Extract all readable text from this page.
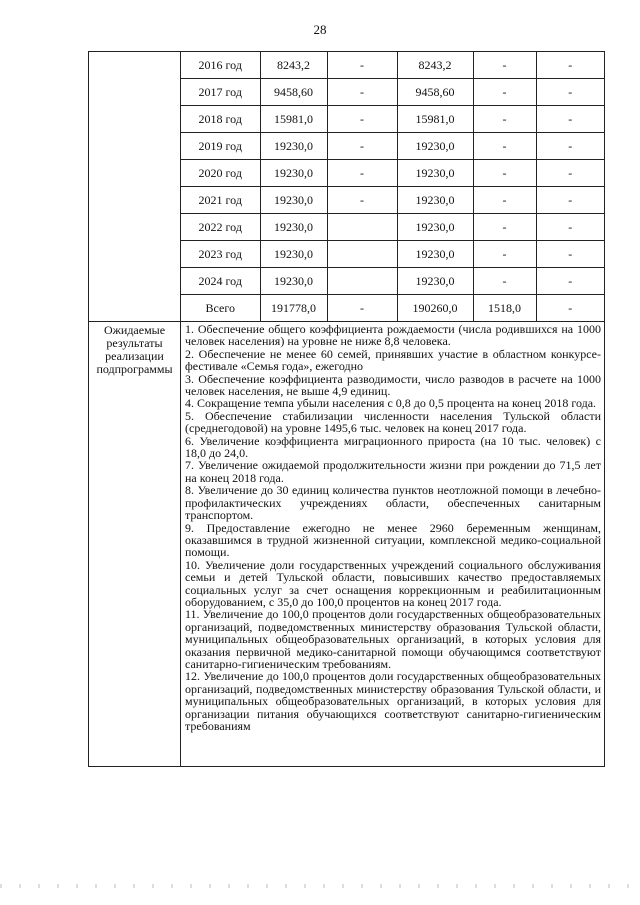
28

2016 год	8243,2	-	8243,2	-	-
2017 год	9458,60	-	9458,60	-	-
2018 год	15981,0	-	15981,0	-	-
2019 год	19230,0	-	19230,0	-	-
2020 год	19230,0	-	19230,0	-	-
2021 год	19230,0	-	19230,0	-	-
2022 год	19230,0		19230,0	-	-
2023 год	19230,0		19230,0	-	-
2024 год	19230,0		19230,0	-	-
Всего	191778,0	-	190260,0	1518,0	-

Ожидаемые результаты реализации подпрограммы	

1. Обеспечение общего коэффициента рождаемости (числа родившихся на 1000 человек населения) на уровне не ниже 8,8 человека.

2. Обеспечение не менее 60 семей, принявших участие в областном конкурсе-фестивале «Семья года», ежегодно

3. Обеспечение коэффициента разводимости, число разводов в расчете на 1000 человек населения, не выше 4,9 единиц.

4. Сокращение темпа убыли населения с 0,8 до 0,5 процента на конец 2018 года.

5. Обеспечение стабилизации численности населения Тульской области (среднегодовой) на уровне 1495,6 тыс. человек на конец 2017 года.

6. Увеличение коэффициента миграционного прироста (на 10 тыс. человек) с 18,0 до 24,0.

7. Увеличение ожидаемой продолжительности жизни при рождении до 71,5 лет на конец 2018 года.

8. Увеличение до 30 единиц количества пунктов неотложной помощи в лечебно-профилактических учреждениях области, обеспеченных санитарным транспортом.

9. Предоставление ежегодно не менее 2960 беременным женщинам, оказавшимся в трудной жизненной ситуации, комплексной медико-социальной помощи.

10. Увеличение доли государственных учреждений социального обслуживания семьи и детей Тульской области, повысивших качество предоставляемых социальных услуг за счет оснащения коррекционным и реабилитационным оборудованием, с 35,0 до 100,0 процентов на конец 2017 года.

11. Увеличение до 100,0 процентов доли государственных общеобразовательных организаций, подведомственных министерству образования Тульской области, муниципальных общеобразовательных организаций, в которых условия для оказания первичной медико-санитарной помощи обучающимся соответствуют санитарно-гигиеническим требованиям.

12. Увеличение до 100,0 процентов доли государственных общеобразовательных организаций, подведомственных министерству образования Тульской области, и муниципальных общеобразовательных организаций, в которых условия для организации питания обучающихся соответствуют санитарно-гигиеническим требованиям
